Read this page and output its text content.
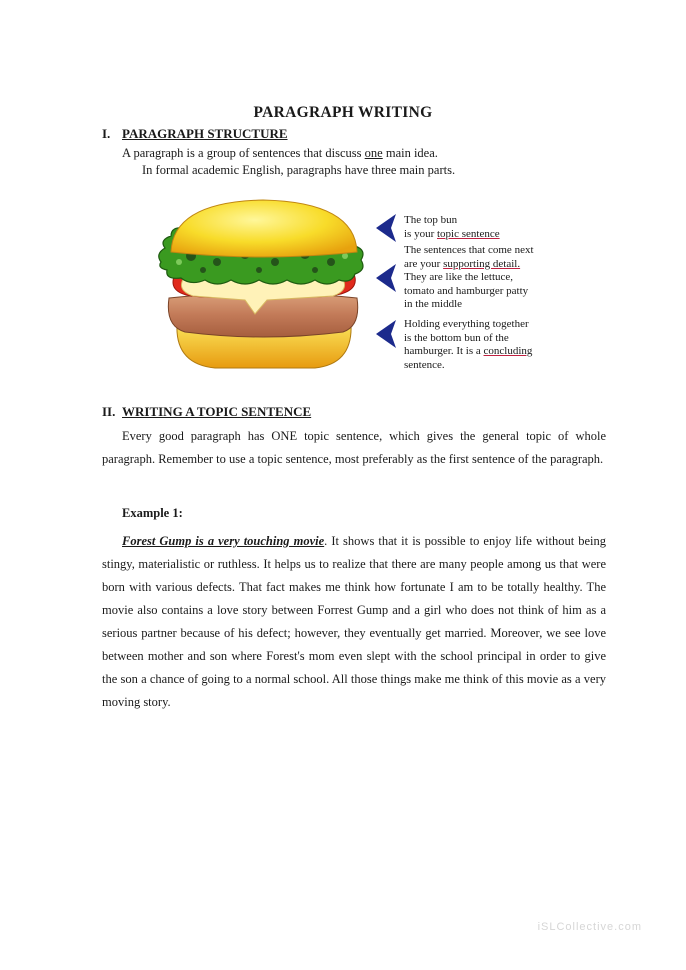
PARAGRAPH WRITING
I. PARAGRAPH STRUCTURE
A paragraph is a group of sentences that discuss one main idea.
In formal academic English, paragraphs have three main parts.
The top bun
is your topic sentence
The sentences that come next
are your supporting detail.
They are like the lettuce,
tomato and hamburger patty
in the middle
Holding everything together
is the bottom bun of the
hamburger. It is a concluding
sentence.
II. WRITING A TOPIC SENTENCE

Every good paragraph has ONE topic sentence, which gives the general topic of whole paragraph. Remember to use a topic sentence, most preferably as the first sentence of the paragraph.

Example 1:

Forest Gump is a very touching movie. It shows that it is possible to enjoy life without being stingy, materialistic or ruthless. It helps us to realize that there are many people among us that were born with various defects. That fact makes me think how fortunate I am to be totally healthy. The movie also contains a love story between Forrest Gump and a girl who does not think of him as a serious partner because of his defect; however, they eventually get married. Moreover, we see love between mother and son where Forest's mom even slept with the school principal in order to give the son a chance of going to a normal school. All those things make me think of this movie as a very moving story.

iSLCollective.com
